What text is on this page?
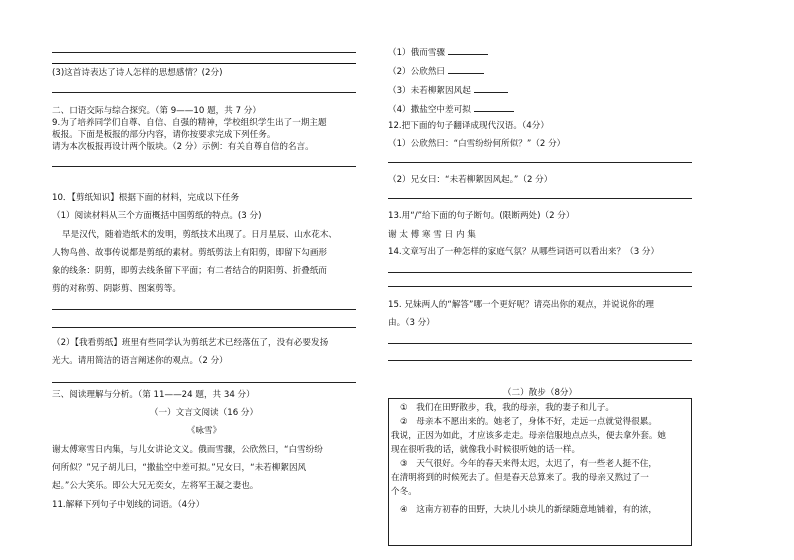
(3)这首诗表达了诗人怎样的思想感情？(2分)
二、口语交际与综合探究。（第 9——10 题，共 7 分）
9.为了培养同学们自尊、自信、自强的精神，学校组织学生出了一期主题
板报。下面是板报的部分内容，请你按要求完成下列任务。
请为本次板报再设计两个版块。（2 分）示例：有关自尊自信的名言。
10．【剪纸知识】根据下面的材料，完成以下任务
（1）阅读材料从三个方面概括中国剪纸的特点。(3 分)
早是汉代，随着造纸术的发明，剪纸技术出现了。日月星辰、山水花木、
人物鸟兽、故事传说都是剪纸的素材。剪纸剪法上有阳剪，即留下勾画形
象的线条：阴剪，即剪去线条留下平面；有二者结合的阴阳剪、折叠纸而
剪的对称剪、阴影剪、图案剪等。
（2）【我看剪纸】班里有些同学认为剪纸艺术已经落伍了，没有必要发扬
光大。请用简洁的语言阐述你的观点。（2 分）
三、阅读理解与分析。（第 11——24 题，共 34 分）
（一）文言文阅读（16 分）
《咏雪》
谢太傅寒雪日内集，与儿女讲论文义。俄而雪骤，公欣然曰，“白雪纷纷
何所似？”兄子胡儿曰，“撒盐空中差可拟。”兄女曰，“未若柳絮因风
起。”公大笑乐。即公大兄无奕女，左将军王凝之妻也。
11.解释下列句子中划线的词语。（4分）
（1）俄而雪骤
（2）公欣然曰
（3）未若柳絮因风起
（4）撒盐空中差可拟
12.把下面的句子翻译成现代汉语。（4分）
（1）公欣然曰：“白雪纷纷何所似？”（2 分）
（2）兄女曰：“未若柳絮因风起。”（2 分）
13.用“/”给下面的句子断句。(限断两处)（2 分）
谢 太 傅 寒 雪 日 内 集
14.文章写出了一种怎样的家庭气氛？从哪些词语可以看出来？（3 分）
15. 兄妹两人的“解答”哪一个更好呢？请亮出你的观点，并说说你的理
由。（3 分）
（二）散步（8分）
①　我们在田野散步，我，我的母亲，我的妻子和儿子。
②　母亲本不愿出来的。她老了，身体不好，走远一点就觉得很累。
我说，正因为如此，才应该多走走。母亲信服地点点头，便去拿外套。她
现在很听我的话，就像我小时候很听她的话一样。
③　天气很好。今年的春天来得太迟，太迟了，有一些老人挺不住，
在清明将到的时候死去了。但是春天总算来了。我的母亲又熬过了一
个冬。
④　这南方初春的田野，大块儿小块儿的新绿随意地铺着，有的浓，
